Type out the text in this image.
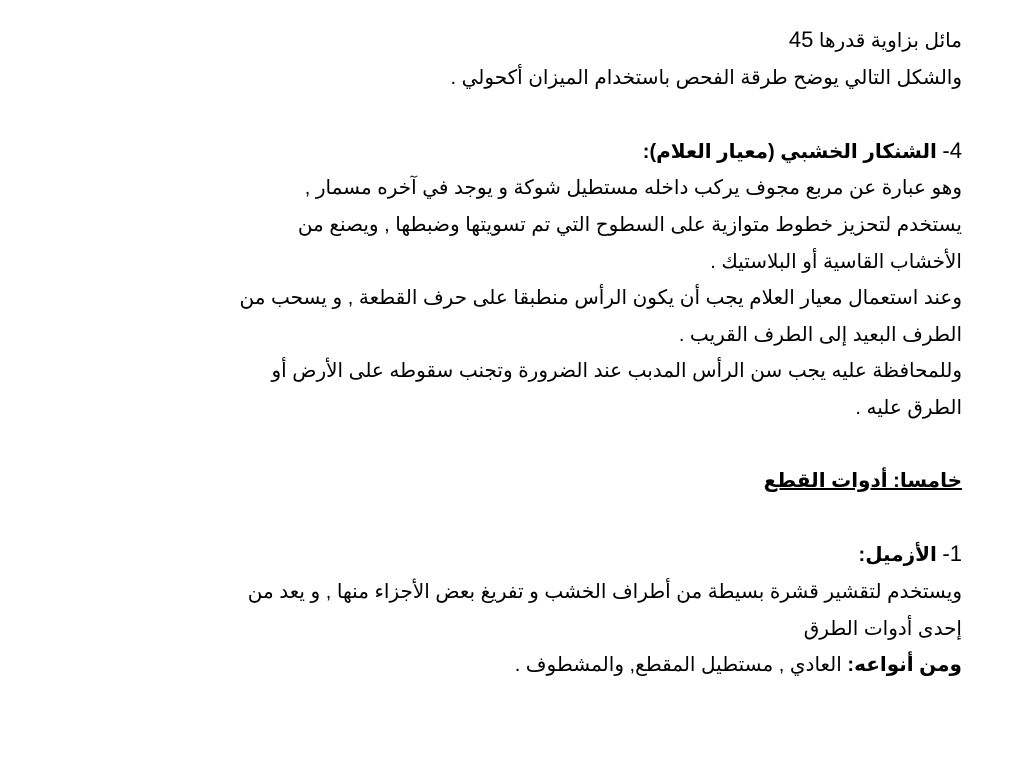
مائل بزاوية قدرها 45
والشكل التالي يوضح طرقة الفحص باستخدام الميزان أكحولي .
4- الشنكار الخشبي (معيار العلام):
وهو عبارة عن مربع مجوف يركب داخله مستطيل شوكة و يوجد في آخره مسمار ,
يستخدم لتحزيز خطوط متوازية على السطوح التي تم تسويتها وضبطها , ويصنع من
الأخشاب القاسية أو البلاستيك .
وعند استعمال معيار العلام يجب أن يكون الرأس منطبقا على حرف القطعة , و يسحب من
الطرف البعيد إلى الطرف القريب .
وللمحافظة عليه يجب سن الرأس المدبب عند الضرورة وتجنب سقوطه على الأرض أو
الطرق عليه .
خامسا: أدوات القطع
1- الأزميل:
ويستخدم لتقشير قشرة بسيطة من أطراف الخشب و تفريغ بعض الأجزاء منها , و يعد من
إحدى أدوات الطرق
ومن أنواعه: العادي , مستطيل المقطع, والمشطوف .
